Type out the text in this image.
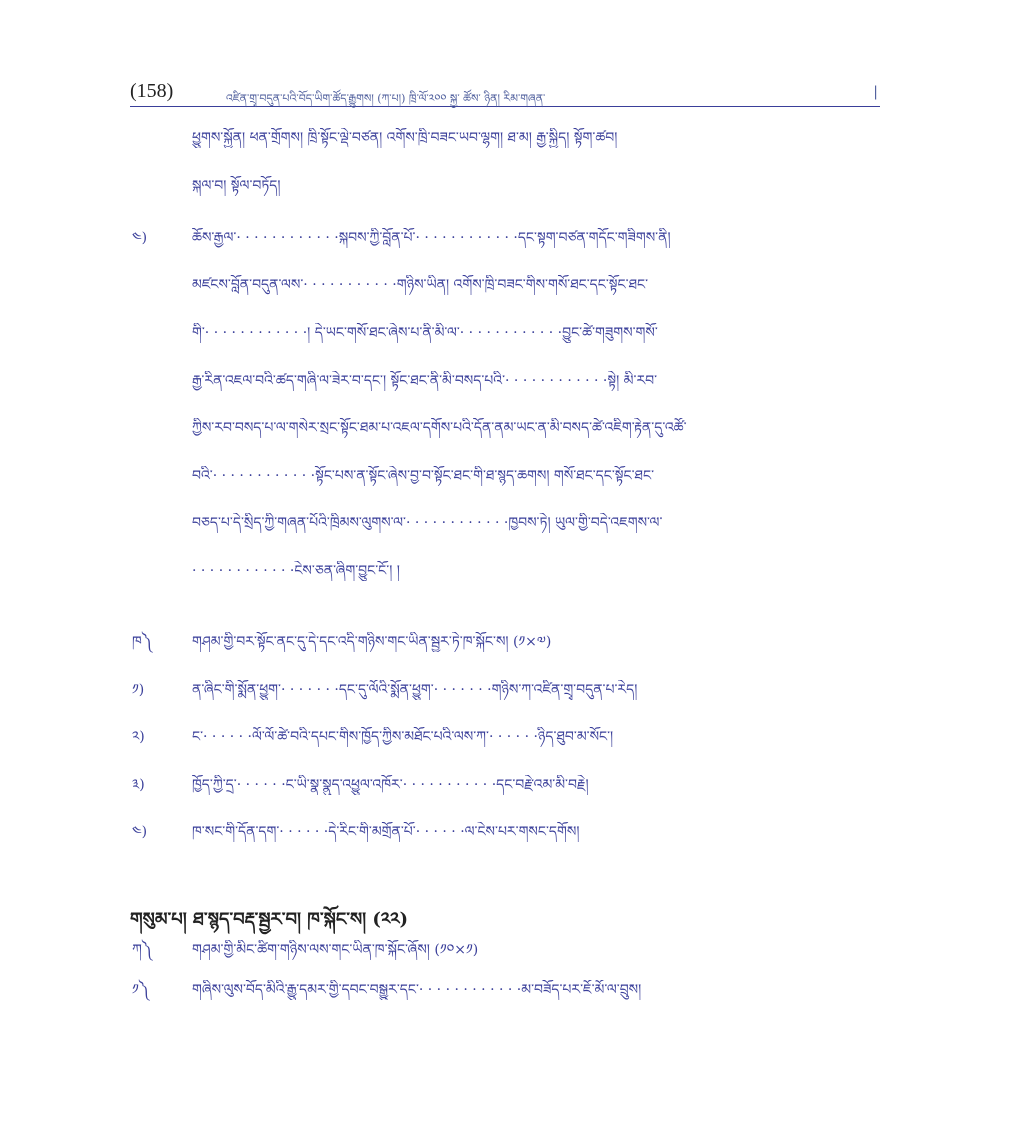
(158)	འཛིན་གྲྭ་བདུན་པའི་བོད་ཡིག་ཚོད་རྒྱུགས། (ཀ་པ།) ཁྲི་ལོ་༢༠༠ སྐྱ་ ཚོས་ ཉིན། རིམ་གཞན་	|
ཕྱུགས་སྐྱོན། ཕན་གྲོགས། ཁྲི་སྟོང་ལྡེ་བཙན། འགོས་ཁྲི་བཟང་ཡབ་ལྷག། ཐ་མ། རྒྱ་སྐྱིད། སྟོག་ཚབ།
སྐལ་བ། སྟོལ་བཏོད།
༤)	ཆོས་རྒྱལ་· · · · · · · · · · · ·སྐབས་ཀྱི་བློན་པོ་· · · · · · · · · · · ·དང་སྟག་བཙན་གདོང་གཟིགས་ནི།
མཛངས་བློན་བདུན་ལས་· · · · · · · · · · ·གཉིས་ཡིན། འགོས་ཁྲི་བཟང་གིས་གསོ་ཐང་དང་སྟོང་ཐང་
གི་· · · · · · · · · · · ·། དེ་ཡང་གསོ་ཐང་ཞེས་པ་ནི་མི་ལ་· · · · · · · · · · · ·བྱུང་ཚེ་གཟུགས་གསོ་
རྒྱ་རིན་འཇལ་བའི་ཚད་གཞི་ལ་ཟེར་བ་དང་། སྟོང་ཐང་ནི་མི་བསད་པའི་· · · · · · · · · · · ·སྟེ། མི་རབ་
ཀྱིས་རབ་བསད་པ་ལ་གསེར་སྲང་སྟོང་ཐམ་པ་འཇལ་དགོས་པའི་དོན་ནམ་ཡང་ན་མི་བསད་ཚེ་འཇིག་རྟེན་དུ་འཚོ་
བའི་· · · · · · · · · · · ·སྟོང་པས་ན་སྟོང་ཞེས་བྱ་བ་སྟོང་ཐང་གི་ཐ་སྙད་ཆགས། གསོ་ཐང་དང་སྟོང་ཐང་
བཅད་པ་དེ་སྲིད་ཀྱི་གཞན་པོའི་ཁྲིམས་ལུགས་ལ་· · · · · · · · · · · ·ཁྱབས་ཏེ། ཡུལ་གྱི་བདེ་འཇགས་ལ་
· · · · · · · · · · · ·ངེས་ཅན་ཞིག་བྱུང་ངོ་། །
ཁ༽	གཤམ་གྱི་བར་སྟོང་ནང་དུ་དེ་དང་འདི་གཉིས་གང་ཡིན་སྦྱར་ཏེ་ཁ་སྐོང་ས། (༡×༧)
༡)	ན་ཞིང་གི་སྨོན་ཕྱུག་· · · · · · ·དང་དུ་ལོའི་སྨོན་ཕྱུག་· · · · · · ·གཉིས་ཀ་འཛིན་གྲྭ་བདུན་པ་རེད།
༢)	ང་· · · · · ·ལོ་ལོ་ཚེ་བའི་དཔང་གིས་ཁྱོད་ཀྱིས་མཐོང་པའི་ལས་ཀ་· · · · · ·ཉིད་ཐུབ་མ་སོང་།
༣)	ཁྱོད་ཀྱི་དྲ་· · · · · ·ང་ཡི་སྣ་སྣུད་འཕྱུལ་འཁོར་· · · · · · · · · · ·དང་བརྗེ་འམ་མི་བརྗེ།
༤)	ཁ་སང་གི་དོན་དག་· · · · · ·དེ་རིང་གི་མགྲོན་པོ་· · · · · ·ལ་ངེས་པར་གསང་དགོས།
གསུམ་པ། ཐ་སྙད་བརྡ་སྦྱར་བ། ཁ་སྐོང་ས། (༢༢)
ཀ༽	གཤམ་གྱི་མིང་ཚིག་གཉིས་ལས་གང་ཡིན་ཁ་སྐོང་ཞོས། (༡༠×༡)
༡༽	གཞིས་ལུས་བོད་མིའི་རྒྱུ་དམར་གྱི་དབང་བསྒྱུར་དང་· · · · · · · · · · · ·མ་བཟོད་པར་ཇོ་མོ་ལ་བྲུས།
